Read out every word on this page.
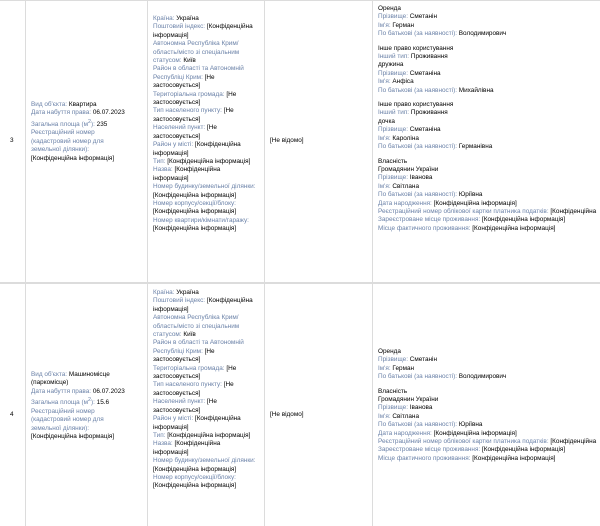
3
Вид об'єкта: Квартира
Дата набуття права: 06.07.2023
Загальна площа $(м^2)$: 235
Реєстраційний номер
(кадастровий номер для
земельної ділянки):
[Конфіденційна інформація]
Країна: Україна
Поштовий індекс: [Конфіденційна
інформація]
Автономна Республіка Крим/
область/місто зі спеціальним
статусом: Київ
Район в області та Автономній
Республіці Крим: [Не
застосовується]
Територіальна громада: [Не
застосовується]
Тип населеного пункту: [Не
застосовується]
Населений пункт: [Не
застосовується]
Район у місті: [Конфіденційна
інформація]
Тип: [Конфіденційна інформація]
Назва: [Конфіденційна
інформація]
Номер будинку/земельної ділянки:
[Конфіденційна інформація]
Номер корпусу/секції/блоку:
[Конфіденційна інформація]
Номер квартири/кімнати/гаражу:
[Конфіденційна інформація]
[Не відомо]
Оренда
Прізвище: Сметанін
Ім'я: Герман
По батькові (за наявності): Володимирович
Інше право користування
Інший тип: Проживання
дружина
Прізвище: Сметаніна
Ім'я: Анфіса
По батькові (за наявності): Михайлівна
Інше право користування
Інший тип: Проживання
дочка
Прізвище: Сметаніна
Ім'я: Кароліна
По батькові (за наявності): Германівна
Власність
Громадянин України
Прізвище: Іванова
Ім'я: Світлана
По батькові (за наявності): Юріївна
Дата народження: [Конфіденційна інформація]
Реєстраційний номер облікової картки платника податків: [Конфіденційна
Зареєстроване місце проживання: [Конфіденційна інформація]
Місце фактичного проживання: [Конфіденційна інформація]
4
Вид об'єкта: Машиномісце
(паркомісце)
Дата набуття права: 06.07.2023
Загальна площа $(м^2)$: 15.6
Реєстраційний номер
(кадастровий номер для
земельної ділянки):
[Конфіденційна інформація]
Країна: Україна
Поштовий індекс: [Конфіденційна
інформація]
Автономна Республіка Крим/
область/місто зі спеціальним
статусом: Київ
Район в області та Автономній
Республіці Крим: [Не
застосовується]
Територіальна громада: [Не
застосовується]
Тип населеного пункту: [Не
застосовується]
Населений пункт: [Не
застосовується]
Район у місті: [Конфіденційна
інформація]
Тип: [Конфіденційна інформація]
Назва: [Конфіденційна
інформація]
Номер будинку/земельної ділянки:
[Конфіденційна інформація]
Номер корпусу/секції/блоку:
[Конфіденційна інформація]
[Не відомо]
Оренда
Прізвище: Сметанін
Ім'я: Герман
По батькові (за наявності): Володимирович
Власність
Громадянин України
Прізвище: Іванова
Ім'я: Світлана
По батькові (за наявності): Юріївна
Дата народження: [Конфіденційна інформація]
Реєстраційний номер облікової картки платника податків: [Конфіденційна
Зареєстроване місце проживання: [Конфіденційна інформація]
Місце фактичного проживання: [Конфіденційна інформація]
